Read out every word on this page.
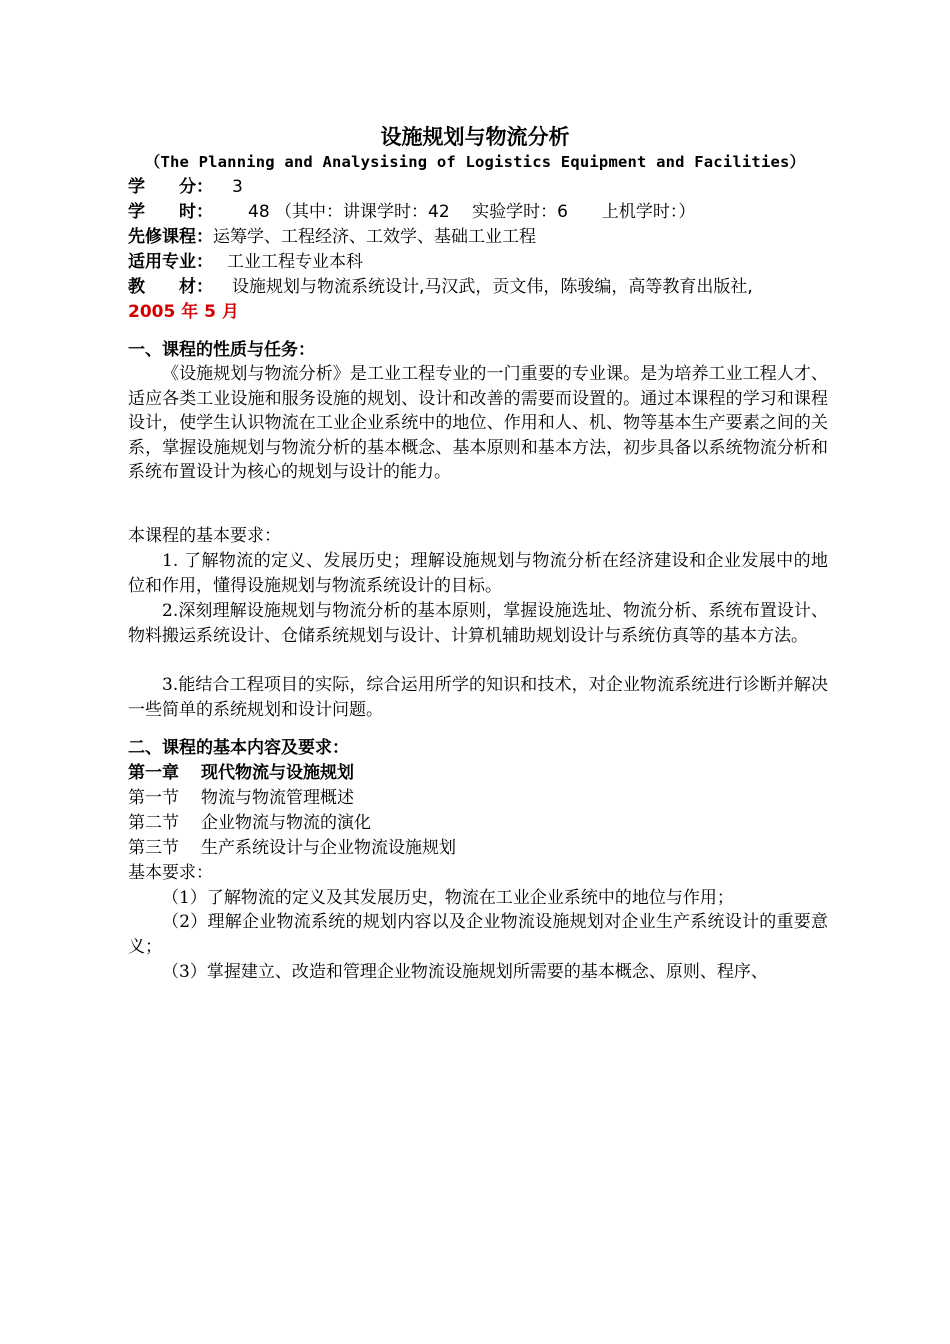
设施规划与物流分析
（The Planning and Analysising of Logistics Equipment and Facilities）
学　　分： 3
学　　时： 48 （其中：讲课学时：42　 实验学时：6　　上机学时：）
先修课程：运筹学、工程经济、工效学、基础工业工程
适用专业： 工业工程专业本科
教　　材： 设施规划与物流系统设计,马汉武，贡文伟，陈骏编，高等教育出版社,
2005 年 5 月
一、课程的性质与任务：
《设施规划与物流分析》是工业工程专业的一门重要的专业课。是为培养工业工程人才、适应各类工业设施和服务设施的规划、设计和改善的需要而设置的。通过本课程的学习和课程设计，使学生认识物流在工业企业系统中的地位、作用和人、机、物等基本生产要素之间的关系，掌握设施规划与物流分析的基本概念、基本原则和基本方法，初步具备以系统物流分析和系统布置设计为核心的规划与设计的能力。
本课程的基本要求：
1. 了解物流的定义、发展历史；理解设施规划与物流分析在经济建设和企业发展中的地位和作用，懂得设施规划与物流系统设计的目标。
2.深刻理解设施规划与物流分析的基本原则，掌握设施选址、物流分析、系统布置设计、物料搬运系统设计、仓储系统规划与设计、计算机辅助规划设计与系统仿真等的基本方法。
3.能结合工程项目的实际，综合运用所学的知识和技术，对企业物流系统进行诊断并解决一些简单的系统规划和设计问题。
二、课程的基本内容及要求：
第一章 现代物流与设施规划
第一节 物流与物流管理概述
第二节 企业物流与物流的演化
第三节 生产系统设计与企业物流设施规划
基本要求：
（1）了解物流的定义及其发展历史，物流在工业企业系统中的地位与作用；
（2）理解企业物流系统的规划内容以及企业物流设施规划对企业生产系统设计的重要意义；
（3）掌握建立、改造和管理企业物流设施规划所需要的基本概念、原则、程序、
